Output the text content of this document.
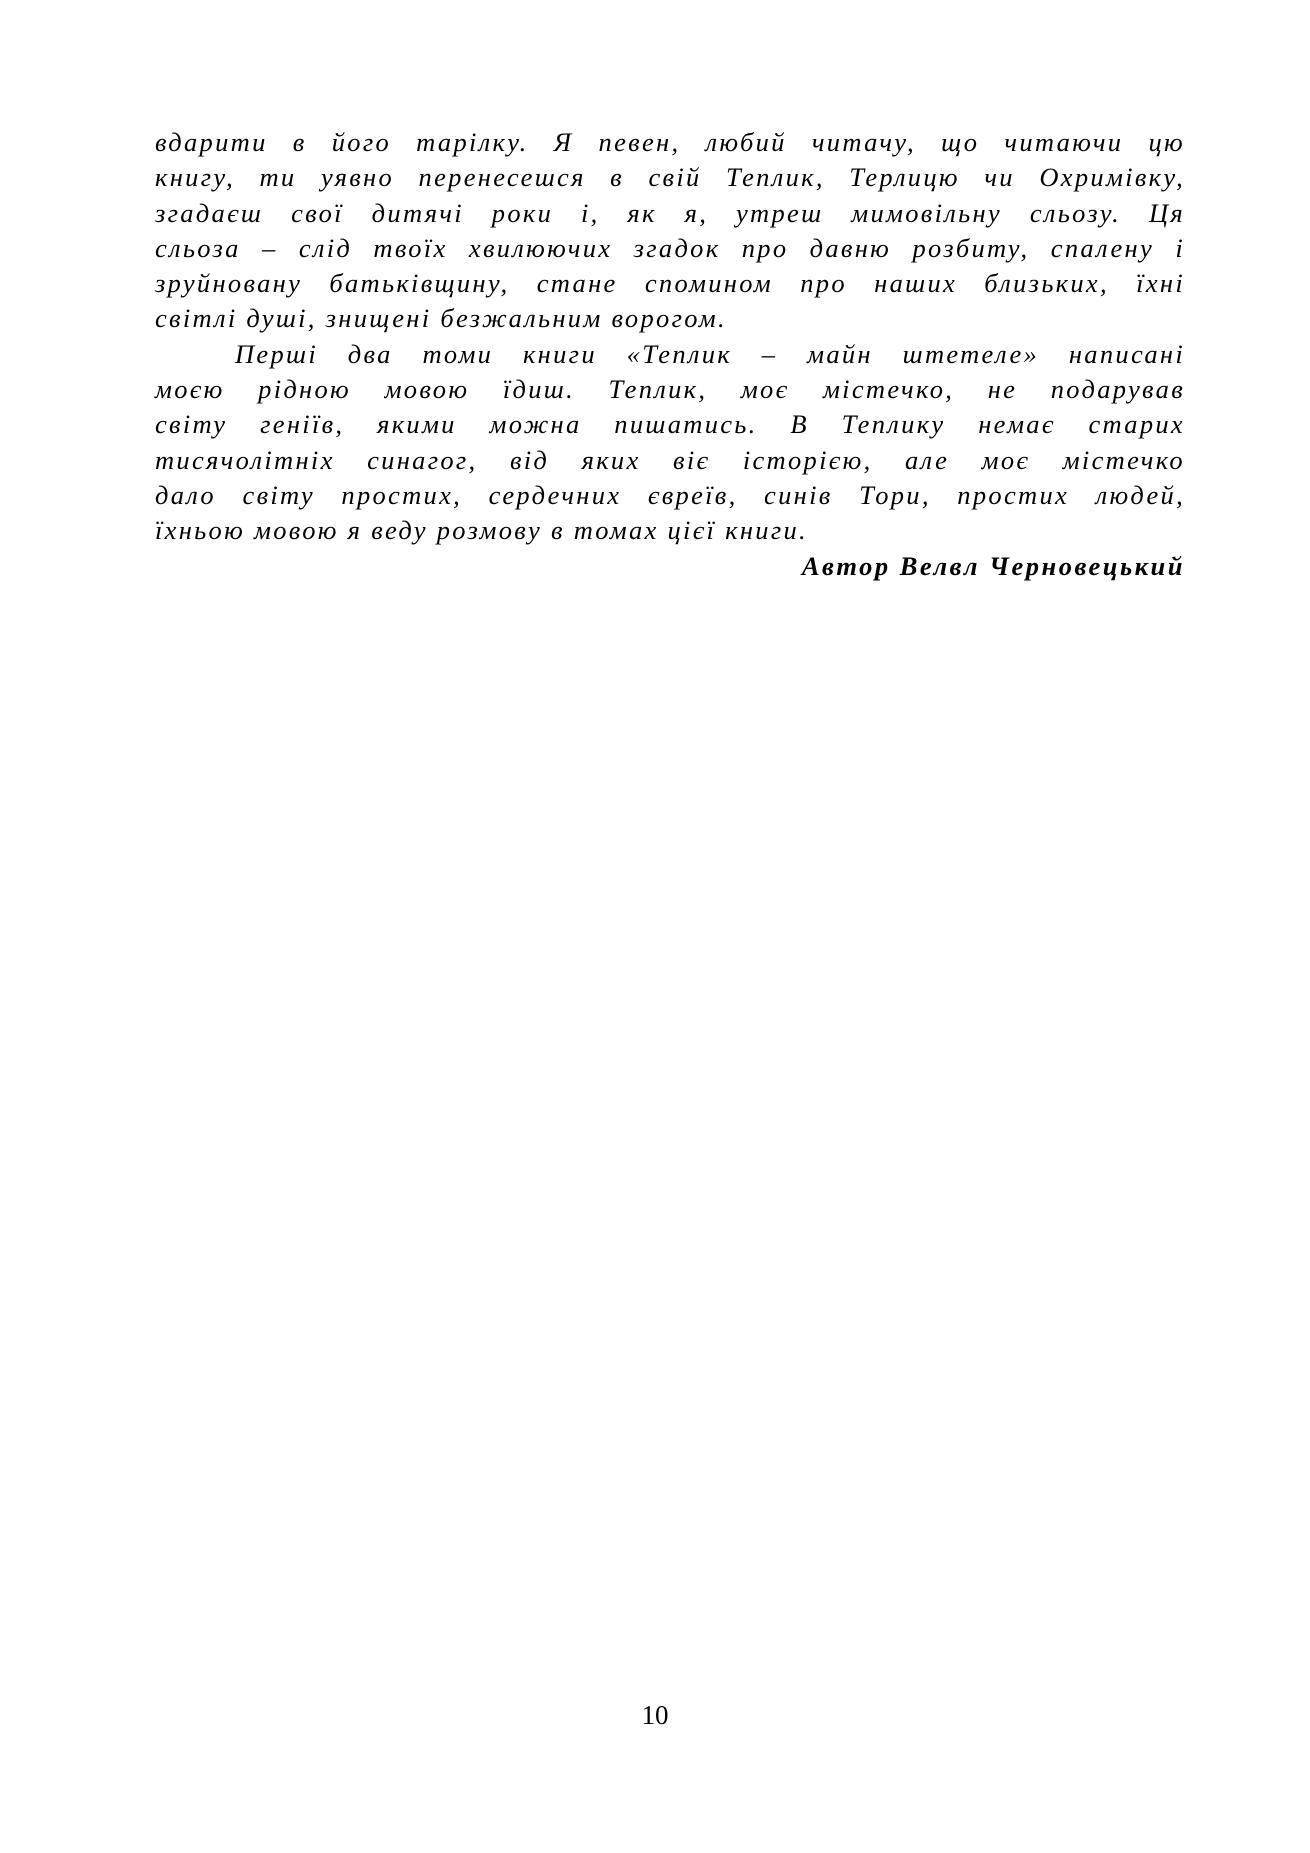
вдарити в його тарілку. Я певен, любий читачу, що читаючи цю
книгу, ти уявно перенесешся в свій Теплик, Терлицю чи Охримівку,
згадаєш свої дитячі роки і, як я, утреш мимовільну сльозу. Ця
сльоза – слід твоїх хвилюючих згадок про давню розбиту, спалену і
зруйновану батьківщину, стане спомином про наших близьких, їхні
світлі душі, знищені безжальним ворогом.
Перші два томи книги «Теплик – майн штетеле» написані
моєю рідною мовою їдиш. Теплик, моє містечко, не подарував
світу геніїв, якими можна пишатись. В Теплику немає старих
тисячолітніх синагог, від яких віє історією, але моє містечко
дало світу простих, сердечних євреїв, синів Тори, простих людей,
їхньою мовою я веду розмову в томах цієї книги.
Автор Велвл Черновецький
10
